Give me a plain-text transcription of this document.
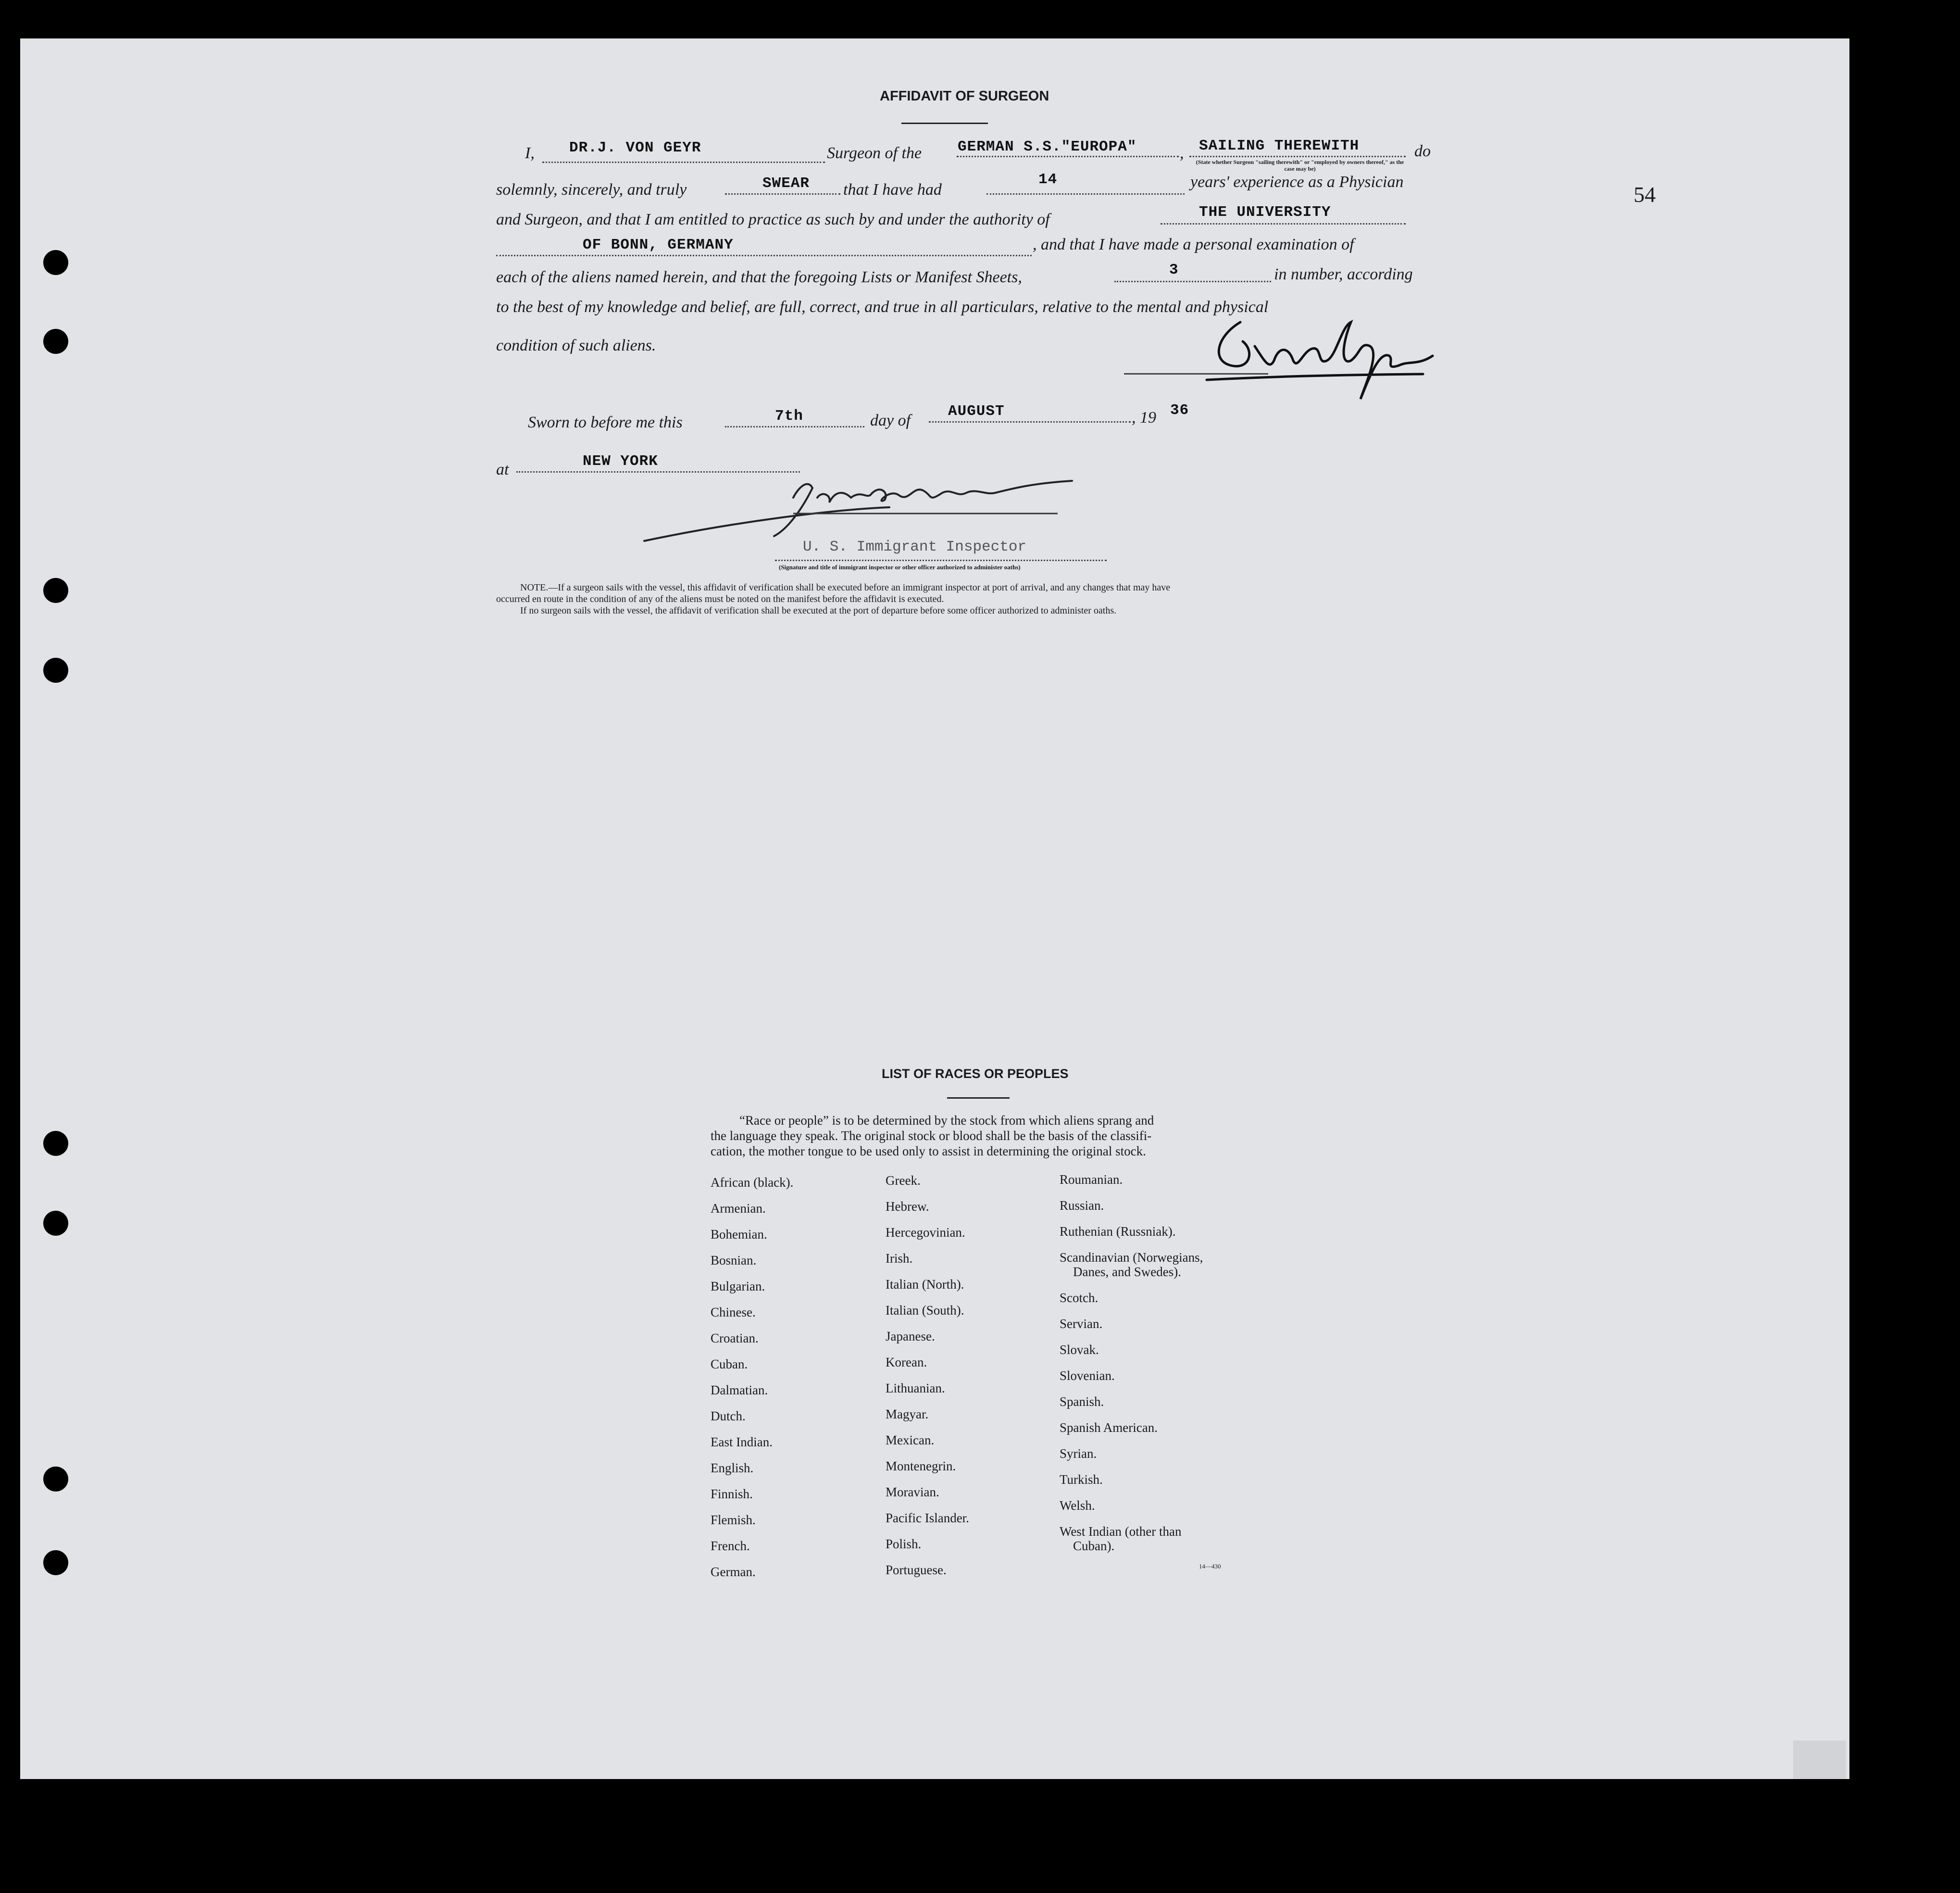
54
AFFIDAVIT OF SURGEON
I, DR.J. VON GEYR	Surgeon of the GERMAN S.S."EUROPA"	, SAILING THEREWITH	do
(State whether Surgeon "sailing therewith" or "employed by owners thereof," as the case may be)
solemnly, sincerely, and truly	SWEAR that I have had
14	years' experience as a Physician
and Surgeon, and that I am entitled to practice as such by and under the authority of	THE UNIVERSITY
OF BONN, GERMANY	, and that I have made a personal examination of
each of the aliens named herein, and that the foregoing Lists or Manifest Sheets,	3	in number, according
to the best of my knowledge and belief, are full, correct, and true in all particulars, relative to the mental and physical
condition of such aliens.
Sworn to before me this	7th	day of
AUGUST	, 19 36
at	NEW YORK
U. S. Immigrant Inspector
(Signature and title of immigrant inspector or other officer authorized to administer oaths)
NOTE.—If a surgeon sails with the vessel, this affidavit of verification shall be executed before an immigrant inspector at port of arrival, and any changes that may have
occurred en route in the condition of any of the aliens must be noted on the manifest before the affidavit is executed.
If no surgeon sails with the vessel, the affidavit of verification shall be executed at the port of departure before some officer authorized to administer oaths.
LIST OF RACES OR PEOPLES
“Race or people” is to be determined by the stock from which aliens sprang and
the language they speak. The original stock or blood shall be the basis of the classifi-
cation, the mother tongue to be used only to assist in determining the original stock.
African (black).
Armenian.
Bohemian.
Bosnian.
Bulgarian.
Chinese.
Croatian.
Cuban.
Dalmatian.
Dutch.
East Indian.
English.
Finnish.
Flemish.
French.
German.
Greek.
Hebrew.
Hercegovinian.
Irish.
Italian (North).
Italian (South).
Japanese.
Korean.
Lithuanian.
Magyar.
Mexican.
Montenegrin.
Moravian.
Pacific Islander.
Polish.
Portuguese.
Roumanian.
Russian.
Ruthenian (Russniak).
Scandinavian (Norwegians,
Danes, and Swedes).
Scotch.
Servian.
Slovak.
Slovenian.
Spanish.
Spanish American.
Syrian.
Turkish.
Welsh.
West Indian (other than
Cuban).
14—430
